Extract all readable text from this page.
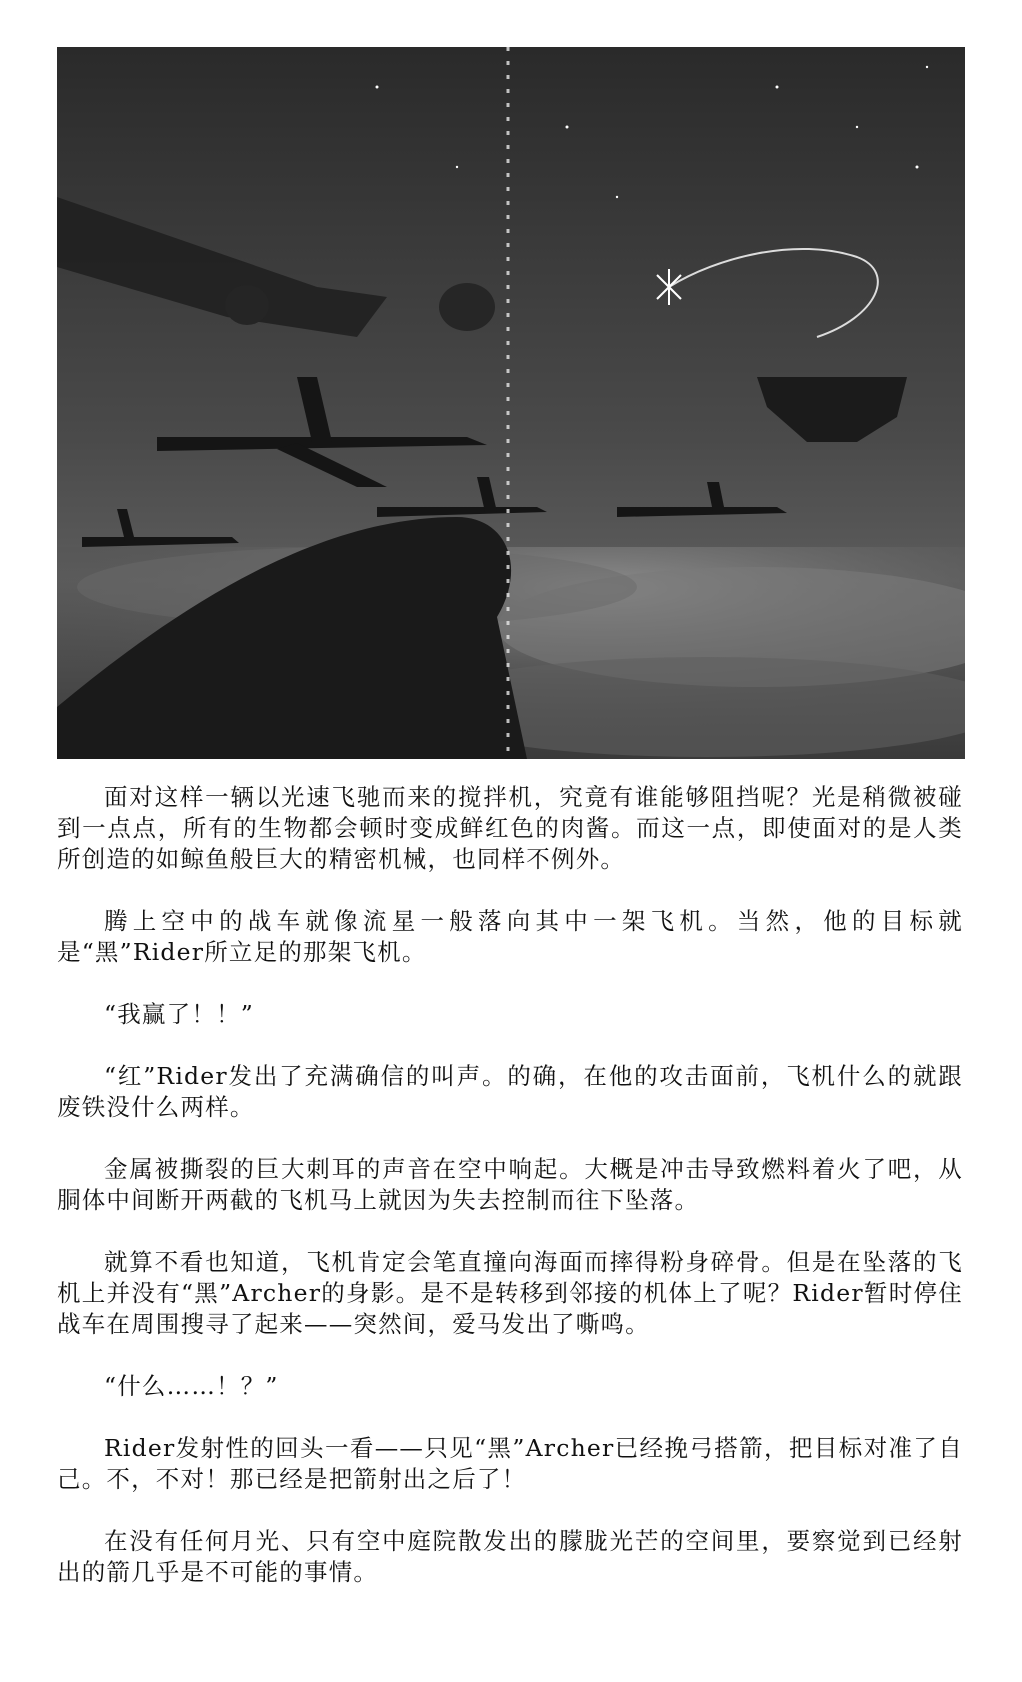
面对这样一辆以光速飞驰而来的搅拌机，究竟有谁能够阻挡呢？光是稍微被碰到一点点，所有的生物都会顿时变成鲜红色的肉酱。而这一点，即使面对的是人类所创造的如鲸鱼般巨大的精密机械，也同样不例外。

腾上空中的战车就像流星一般落向其中一架飞机。当然，他的目标就是“黑”Rider所立足的那架飞机。

“我赢了！！”

“红”Rider发出了充满确信的叫声。的确，在他的攻击面前，飞机什么的就跟废铁没什么两样。

金属被撕裂的巨大刺耳的声音在空中响起。大概是冲击导致燃料着火了吧，从胴体中间断开两截的飞机马上就因为失去控制而往下坠落。

就算不看也知道，飞机肯定会笔直撞向海面而摔得粉身碎骨。但是在坠落的飞机上并没有“黑”Archer的身影。是不是转移到邻接的机体上了呢？Rider暂时停住战车在周围搜寻了起来——突然间，爱马发出了嘶鸣。

“什么……！？”

Rider发射性的回头一看——只见“黑”Archer已经挽弓搭箭，把目标对准了自己。不，不对！那已经是把箭射出之后了！

在没有任何月光、只有空中庭院散发出的朦胧光芒的空间里，要察觉到已经射出的箭几乎是不可能的事情。
